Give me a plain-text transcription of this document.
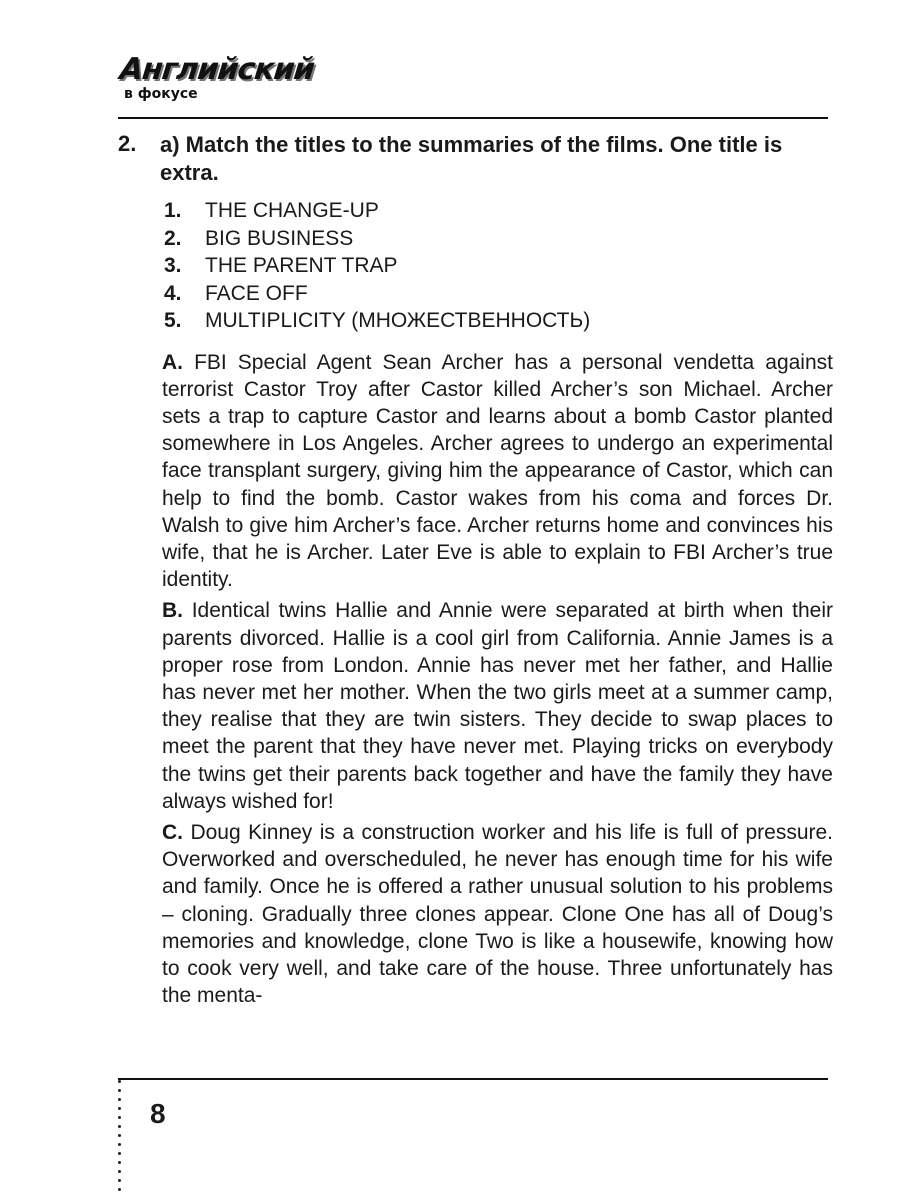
Английский
в фокусе
2. a) Match the titles to the summaries of the films. One title is extra.
1.	THE CHANGE-UP
2.	BIG BUSINESS
3.	THE PARENT TRAP
4.	FACE OFF
5.	MULTIPLICITY (МНОЖЕСТВЕННОСТЬ)

A. FBI Special Agent Sean Archer has a personal vendetta against terrorist Castor Troy after Castor killed Archer’s son Michael. Archer sets a trap to capture Castor and learns about a bomb Castor planted somewhere in Los Angeles. Archer agrees to undergo an experimental face transplant surgery, giving him the appearance of Castor, which can help to find the bomb. Castor wakes from his coma and forces Dr. Walsh to give him Archer’s face. Archer returns home and convinces his wife, that he is Archer. Later Eve is able to explain to FBI Archer’s true identity.

B. Identical twins Hallie and Annie were separated at birth when their parents divorced. Hallie is a cool girl from California. Annie James is a proper rose from London. Annie has never met her father, and Hallie has never met her mother. When the two girls meet at a summer camp, they realise that they are twin sisters. They decide to swap places to meet the parent that they have never met. Playing tricks on everybody the twins get their parents back together and have the family they have always wished for!

C. Doug Kinney is a construction worker and his life is full of pressure. Overworked and overscheduled, he never has enough time for his wife and family. Once he is offered a rather unusual solution to his problems – cloning. Gradually three clones appear. Clone One has all of Doug’s memories and knowledge, clone Two is like a housewife, knowing how to cook very well, and take care of the house. Three unfortunately has the menta-

8
